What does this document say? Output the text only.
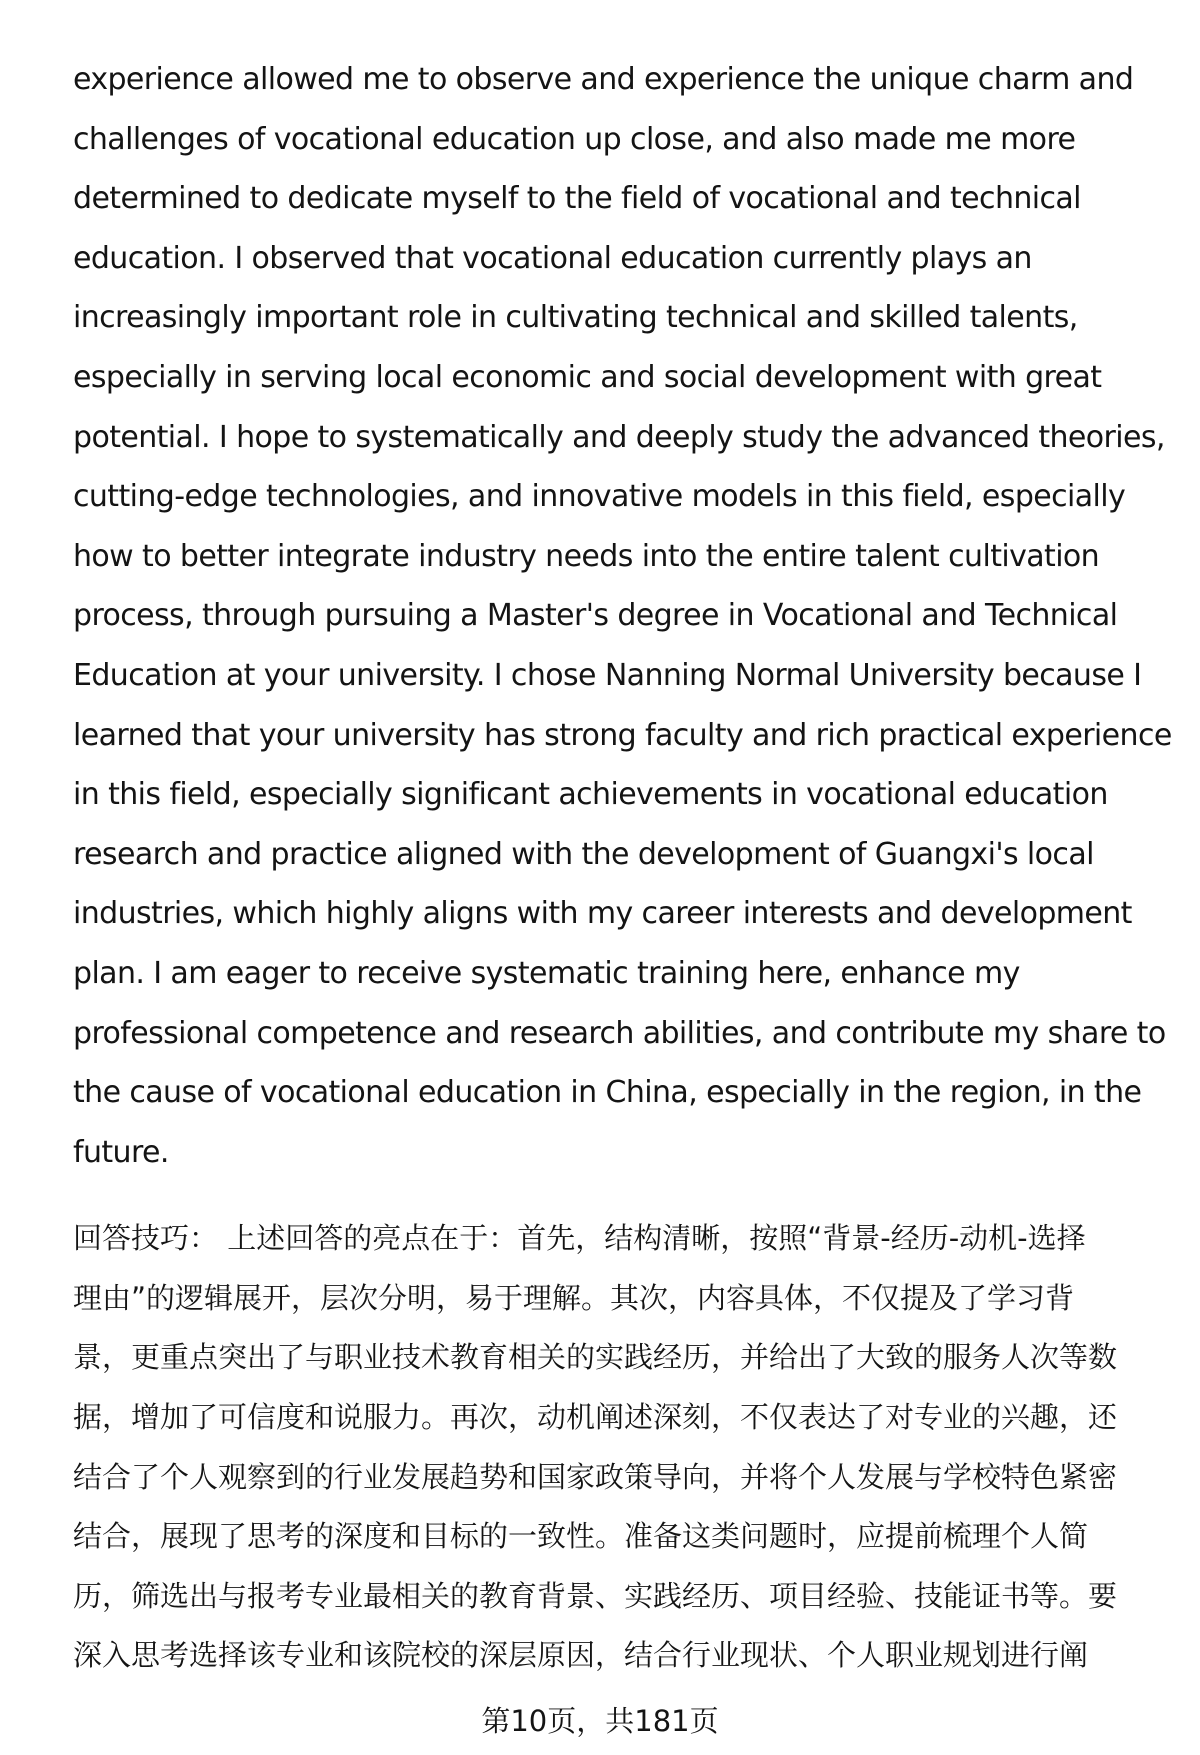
experience allowed me to observe and experience the unique charm and
challenges of vocational education up close, and also made me more
determined to dedicate myself to the field of vocational and technical
education. I observed that vocational education currently plays an
increasingly important role in cultivating technical and skilled talents,
especially in serving local economic and social development with great
potential. I hope to systematically and deeply study the advanced theories,
cutting-edge technologies, and innovative models in this field, especially
how to better integrate industry needs into the entire talent cultivation
process, through pursuing a Master's degree in Vocational and Technical
Education at your university. I chose Nanning Normal University because I
learned that your university has strong faculty and rich practical experience
in this field, especially significant achievements in vocational education
research and practice aligned with the development of Guangxi's local
industries, which highly aligns with my career interests and development
plan. I am eager to receive systematic training here, enhance my
professional competence and research abilities, and contribute my share to
the cause of vocational education in China, especially in the region, in the
future.
回答技巧： 上述回答的亮点在于：首先，结构清晰，按照“背景-经历-动机-选择
理由”的逻辑展开，层次分明，易于理解。其次，内容具体，不仅提及了学习背
景，更重点突出了与职业技术教育相关的实践经历，并给出了大致的服务人次等数
据，增加了可信度和说服力。再次，动机阐述深刻，不仅表达了对专业的兴趣，还
结合了个人观察到的行业发展趋势和国家政策导向，并将个人发展与学校特色紧密
结合，展现了思考的深度和目标的一致性。准备这类问题时，应提前梳理个人简
历，筛选出与报考专业最相关的教育背景、实践经历、项目经验、技能证书等。要
深入思考选择该专业和该院校的深层原因，结合行业现状、个人职业规划进行阐
第10页，共181页
